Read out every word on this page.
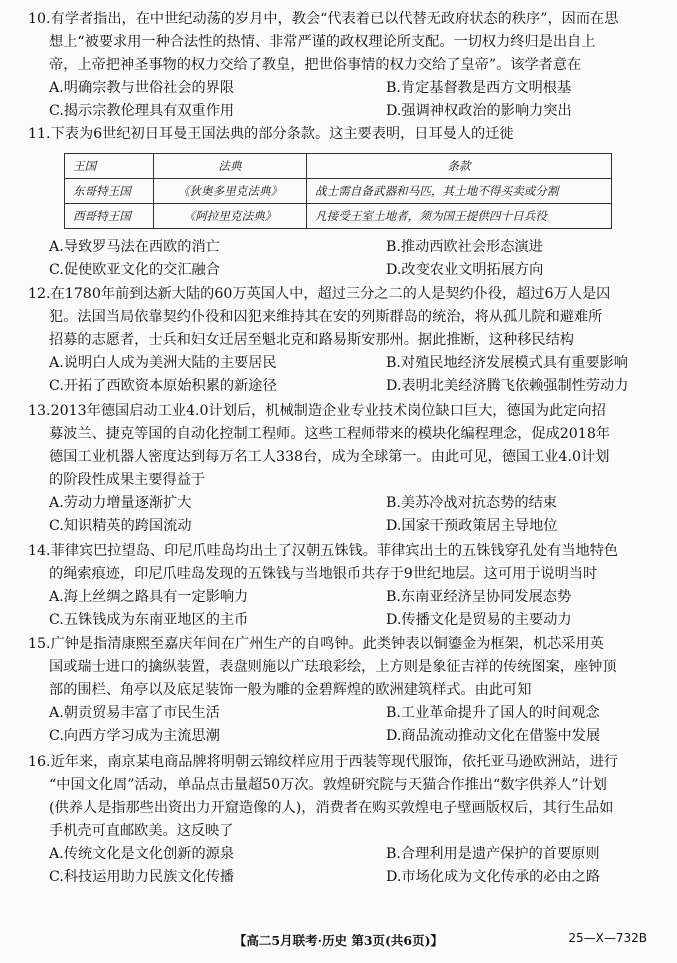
10.有学者指出，在中世纪动荡的岁月中，教会“代表着已以代替无政府状态的秩序”，因而在思

想上“被要求用一种合法性的热情、非常严谨的政权理论所支配。一切权力终归是出自上

帝，上帝把神圣事物的权力交给了教皇，把世俗事情的权力交给了皇帝”。该学者意在

A.明确宗教与世俗社会的界限	B.肯定基督教是西方文明根基
C.揭示宗教伦理具有双重作用	D.强调神权政治的影响力突出

11.下表为6世纪初日耳曼王国法典的部分条款。这主要表明，日耳曼人的迁徙

王国	法典	条款
东哥特王国	《狄奥多里克法典》	战士需自备武器和马匹，其土地不得买卖或分割
西哥特王国	《阿拉里克法典》	凡接受王室土地者，须为国王提供四十日兵役
A.导致罗马法在西欧的消亡	B.推动西欧社会形态演进
C.促使欧亚文化的交汇融合	D.改变农业文明拓展方向

12.在1780年前到达新大陆的60万英国人中，超过三分之二的人是契约仆役，超过6万人是囚

犯。法国当局依靠契约仆役和囚犯来维持其在安的列斯群岛的统治，将从孤儿院和避难所

招募的志愿者，士兵和妇女迁居至魁北克和路易斯安那州。据此推断，这种移民结构

A.说明白人成为美洲大陆的主要居民	B.对殖民地经济发展模式具有重要影响
C.开拓了西欧资本原始积累的新途径	D.表明北美经济腾飞依赖强制性劳动力

13.2013年德国启动工业4.0计划后，机械制造企业专业技术岗位缺口巨大，德国为此定向招

募波兰、捷克等国的自动化控制工程师。这些工程师带来的模块化编程理念，促成2018年

德国工业机器人密度达到每万名工人338台，成为全球第一。由此可见，德国工业4.0计划

的阶段性成果主要得益于

A.劳动力增量逐渐扩大	B.美苏冷战对抗态势的结束
C.知识精英的跨国流动	D.国家干预政策居主导地位

14.菲律宾巴拉望岛、印尼爪哇岛均出土了汉朝五铢钱。菲律宾出土的五铢钱穿孔处有当地特色

的绳索痕迹，印尼爪哇岛发现的五铢钱与当地银币共存于9世纪地层。这可用于说明当时

A.海上丝绸之路具有一定影响力	B.东南亚经济呈协同发展态势
C.五铢钱成为东南亚地区的主币	D.传播文化是贸易的主要动力

15.广钟是指清康熙至嘉庆年间在广州生产的自鸣钟。此类钟表以铜鎏金为框架，机芯采用英

国或瑞士进口的擒纵装置，表盘则施以广珐琅彩绘，上方则是象征吉祥的传统图案，座钟顶

部的围栏、角亭以及底足装饰一般为雕的金碧辉煌的欧洲建筑样式。由此可知

A.朝贡贸易丰富了市民生活	B.工业革命提升了国人的时间观念
C.向西方学习成为主流思潮	D.商品流动推动文化在借鉴中发展

16.近年来，南京某电商品牌将明朝云锦纹样应用于西装等现代服饰，依托亚马逊欧洲站，进行

“中国文化周”活动，单品点击量超50万次。敦煌研究院与天猫合作推出“数字供养人”计划

(供养人是指那些出资出力开窟造像的人)，消费者在购买敦煌电子壁画版权后，其行生品如

手机壳可直邮欧美。这反映了

A.传统文化是文化创新的源泉	B.合理利用是遗产保护的首要原则
C.科技运用助力民族文化传播	D.市场化成为文化传承的必由之路
【高二5月联考·历史 第3页(共6页)】	25—X—732B
